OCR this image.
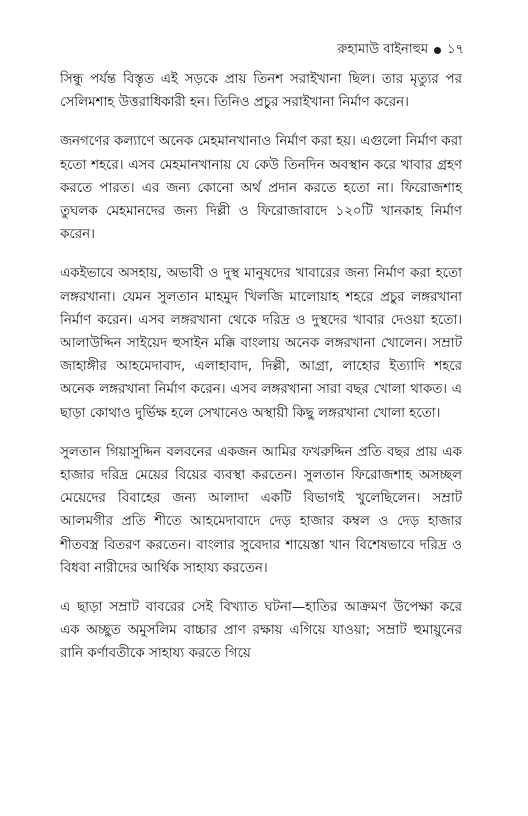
রুহামাউ বাইনাহুম ১৭

সিন্ধু পর্যন্ত বিস্তৃত এই সড়কে প্রায় তিনশ সরাইখানা ছিল। তার মৃত্যুর পর সেলিমশাহ উত্তরাধিকারী হন। তিনিও প্রচুর সরাইখানা নির্মাণ করেন।

জনগণের কল্যাণে অনেক মেহমানখানাও নির্মাণ করা হয়। এগুলো নির্মাণ করা হতো শহরে। এসব মেহমানখানায় যে কেউ তিনদিন অবস্থান করে খাবার গ্রহণ করতে পারত। এর জন্য কোনো অর্থ প্রদান করতে হতো না। ফিরোজশাহ তুঘলক মেহমানদের জন্য দিল্লী ও ফিরোজাবাদে ১২০টি খানকাহ নির্মাণ করেন।

একইভাবে অসহায়, অভাবী ও দুস্থ মানুষদের খাবারের জন্য নির্মাণ করা হতো লঙ্গরখানা। যেমন সুলতান মাহমুদ খিলজি মালোয়াহ শহরে প্রচুর লঙ্গরখানা নির্মাণ করেন। এসব লঙ্গরখানা থেকে দরিদ্র ও দুস্থদের খাবার দেওয়া হতো। আলাউদ্দিন সাইয়েদ হুসাইন মক্কি বাংলায় অনেক লঙ্গরখানা খোলেন। সম্রাট জাহাঙ্গীর আহমেদাবাদ, এলাহাবাদ, দিল্লী, আগ্রা, লাহোর ইত্যাদি শহরে অনেক লঙ্গরখানা নির্মাণ করেন। এসব লঙ্গরখানা সারা বছর খোলা থাকত। এ ছাড়া কোথাও দুর্ভিক্ষ হলে সেখানেও অস্থায়ী কিছু লঙ্গরখানা খোলা হতো।

সুলতান গিয়াসুদ্দিন বলবনের একজন আমির ফখরুদ্দিন প্রতি বছর প্রায় এক হাজার দরিদ্র মেয়ের বিয়ের ব্যবস্থা করতেন। সুলতান ফিরোজশাহ অসচ্ছল মেয়েদের বিবাহের জন্য আলাদা একটি বিভাগই খুলেছিলেন। সম্রাট আলমগীর প্রতি শীতে আহমেদাবাদে দেড় হাজার কম্বল ও দেড় হাজার শীতবস্ত্র বিতরণ করতেন। বাংলার সুবেদার শায়েস্তা খান বিশেষভাবে দরিদ্র ও বিধবা নারীদের আর্থিক সাহায্য করতেন।

এ ছাড়া সম্রাট বাবরের সেই বিখ্যাত ঘটনা—হাতির আক্রমণ উপেক্ষা করে এক অচ্ছুত অমুসলিম বাচ্চার প্রাণ রক্ষায় এগিয়ে যাওয়া; সম্রাট হুমায়ুনের রানি কর্ণাবতীকে সাহায্য করতে গিয়ে
